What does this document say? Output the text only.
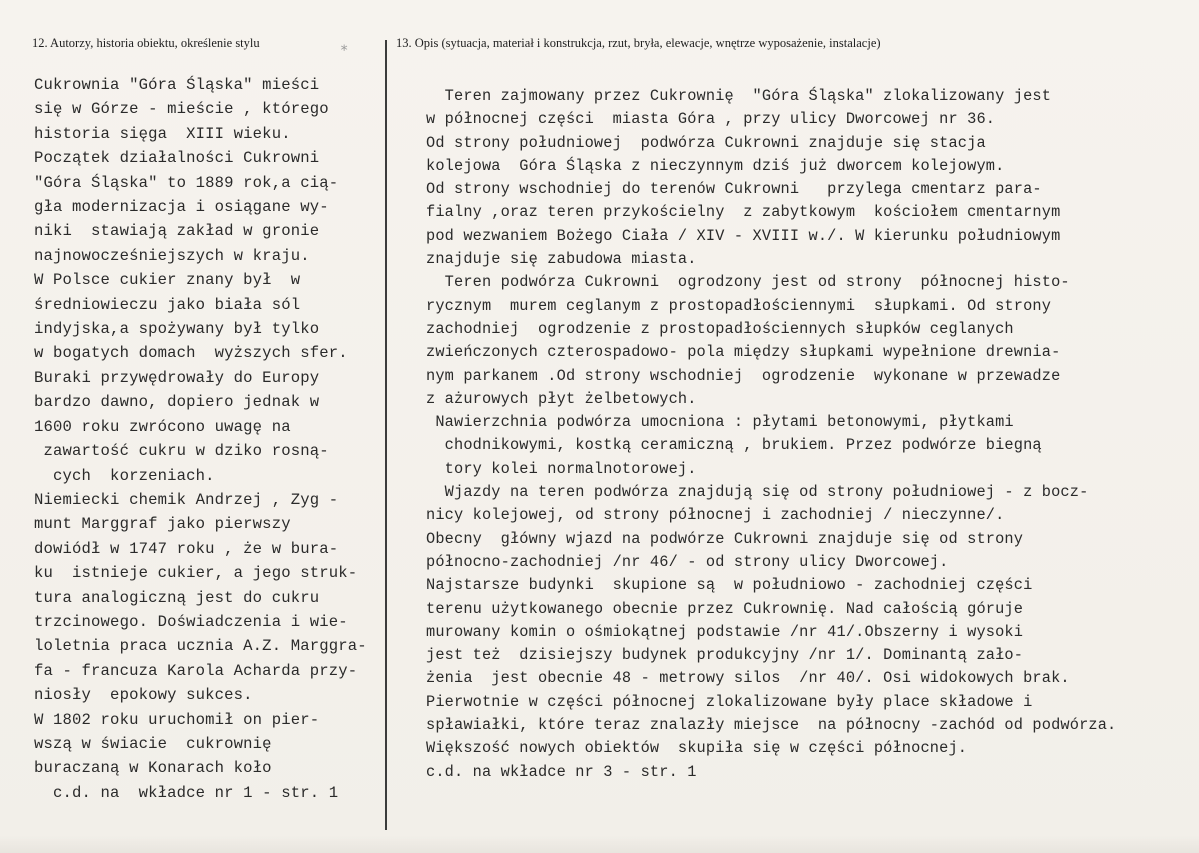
12. Autorzy, historia obiektu, określenie stylu	13. Opis (sytuacja, materiał i konstrukcja, rzut, bryła, elewacje, wnętrze wyposażenie, instalacje)
∗
Cukrownia "Góra Śląska" mieści
się w Górze - mieście , którego
historia sięga  XIII wieku.
Początek działalności Cukrowni
"Góra Śląska" to 1889 rok,a cią-
gła modernizacja i osiągane wy-
niki  stawiają zakład w gronie
najnowocześniejszych w kraju.
W Polsce cukier znany był  w
średniowieczu jako biała sól
indyjska,a spożywany był tylko
w bogatych domach  wyższych sfer.
Buraki przywędrowały do Europy
bardzo dawno, dopiero jednak w
1600 roku zwrócono uwagę na
zawartość cukru w dziko rosną-
cych  korzeniach.
Niemiecki chemik Andrzej , Zyg -
munt Marggraf jako pierwszy
dowiódł w 1747 roku , że w bura-
ku  istnieje cukier, a jego struk-
tura analogiczną jest do cukru
trzcinowego. Doświadczenia i wie-
loletnia praca ucznia A.Z. Marggra-
fa - francuza Karola Acharda przy-
niosły  epokowy sukces.
W 1802 roku uruchomił on pier-
wszą w świacie  cukrownię
buraczaną w Konarach koło
c.d. na  wkładce nr 1 - str. 1
Teren zajmowany przez Cukrownię  "Góra Śląska" zlokalizowany jest
w północnej części  miasta Góra , przy ulicy Dworcowej nr 36.
Od strony południowej  podwórza Cukrowni znajduje się stacja
kolejowa  Góra Śląska z nieczynnym dziś już dworcem kolejowym.
Od strony wschodniej do terenów Cukrowni   przylega cmentarz para-
fialny ,oraz teren przykościelny  z zabytkowym  kościołem cmentarnym
pod wezwaniem Bożego Ciała / XIV - XVIII w./. W kierunku południowym
znajduje się zabudowa miasta.
Teren podwórza Cukrowni  ogrodzony jest od strony  północnej histo-
rycznym  murem ceglanym z prostopadłościennymi  słupkami. Od strony
zachodniej  ogrodzenie z prostopadłościennych słupków ceglanych
zwieńczonych czterospadowo- pola między słupkami wypełnione drewnia-
nym parkanem .Od strony wschodniej  ogrodzenie  wykonane w przewadze
z ażurowych płyt żelbetowych.
Nawierzchnia podwórza umocniona : płytami betonowymi, płytkami
chodnikowymi, kostką ceramiczną , brukiem. Przez podwórze biegną
tory kolei normalnotorowej.
Wjazdy na teren podwórza znajdują się od strony południowej - z bocz-
nicy kolejowej, od strony północnej i zachodniej / nieczynne/.
Obecny  główny wjazd na podwórze Cukrowni znajduje się od strony
północno-zachodniej /nr 46/ - od strony ulicy Dworcowej.
Najstarsze budynki  skupione są  w południowo - zachodniej części
terenu użytkowanego obecnie przez Cukrownię. Nad całością góruje
murowany komin o ośmiokątnej podstawie /nr 41/.Obszerny i wysoki
jest też  dzisiejszy budynek produkcyjny /nr 1/. Dominantą zało-
żenia  jest obecnie 48 - metrowy silos  /nr 40/. Osi widokowych brak.
Pierwotnie w części północnej zlokalizowane były place składowe i
spławiałki, które teraz znalazły miejsce  na północny -zachód od podwórza.
Większość nowych obiektów  skupiła się w części północnej.
c.d. na wkładce nr 3 - str. 1
